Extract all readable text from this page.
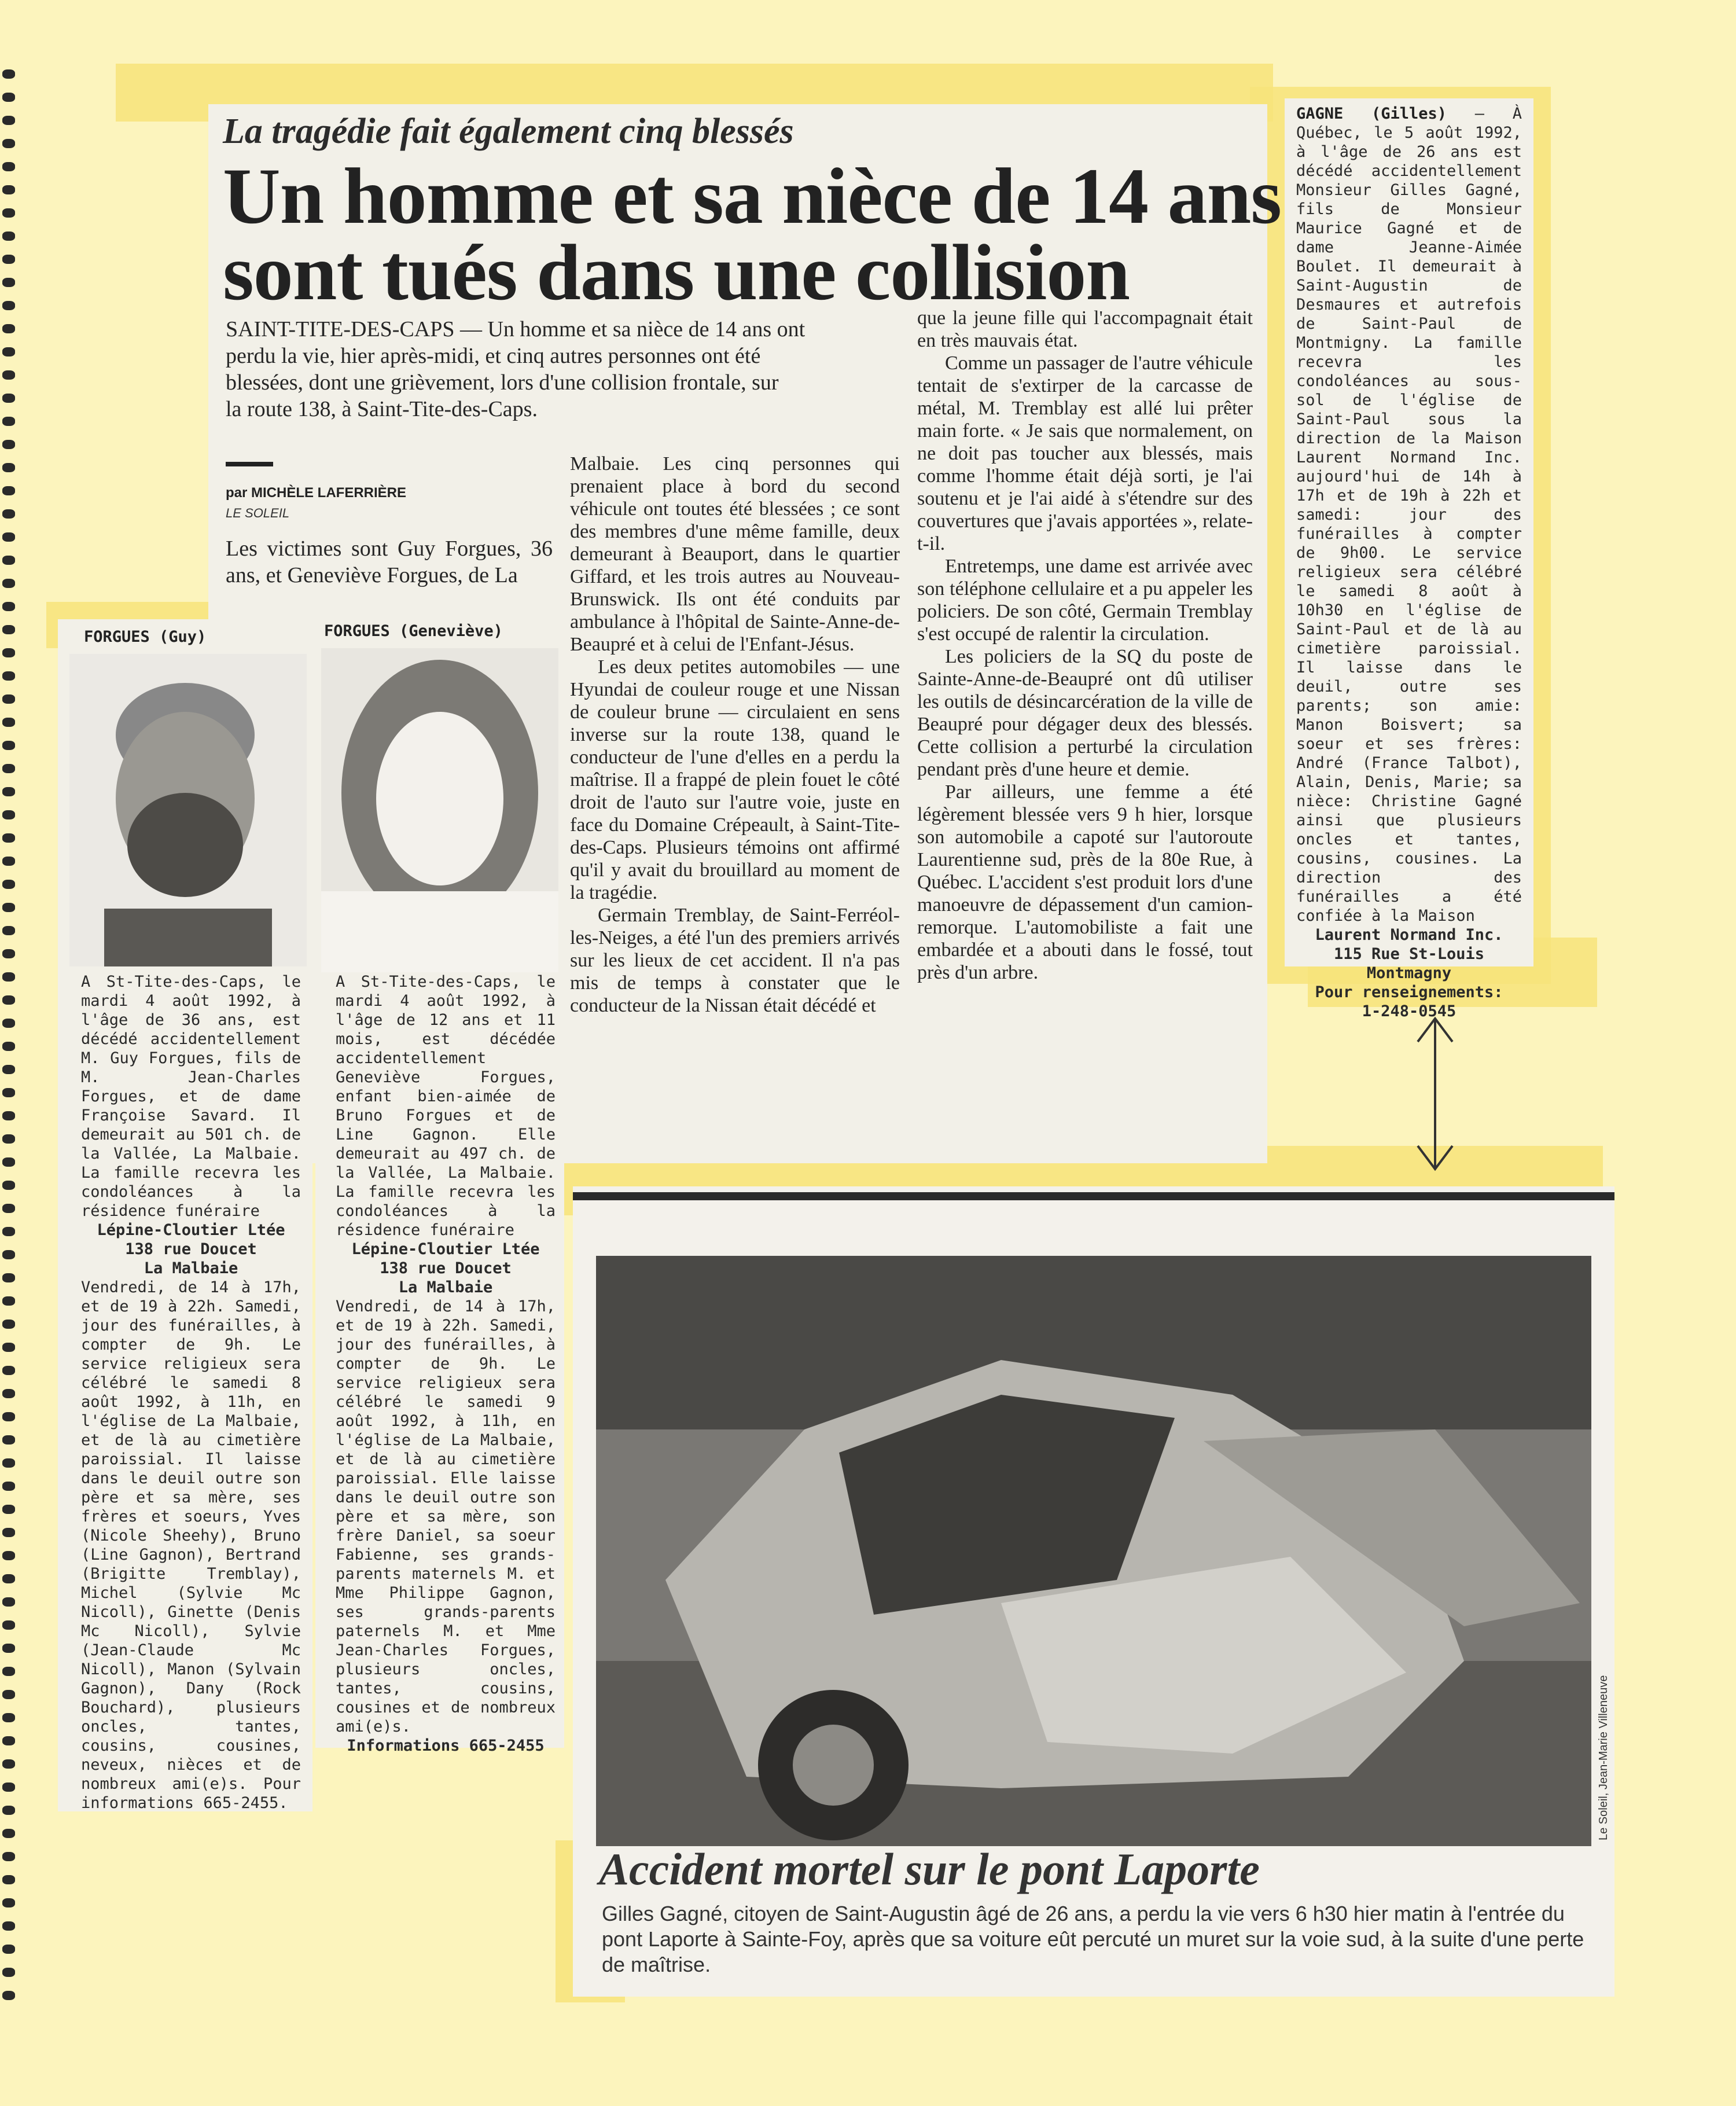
La tragédie fait également cinq blessés
Un homme et sa nièce de 14 ans
sont tués dans une collision
SAINT-TITE-DES-CAPS — Un homme et sa nièce de 14 ans ont
perdu la vie, hier après-midi, et cinq autres personnes ont été
blessées, dont une grièvement, lors d'une collision frontale, sur
la route 138, à Saint-Tite-des-Caps.
par MICHÈLE LAFERRIÈRE
LE SOLEIL

Les victimes sont Guy Forgues, 36 ans, et Geneviève Forgues, de La

Malbaie. Les cinq personnes qui prenaient place à bord du second véhicule ont toutes été blessées ; ce sont des membres d'une même famille, deux demeurant à Beauport, dans le quartier Giffard, et les trois autres au Nouveau-Brunswick. Ils ont été conduits par ambulance à l'hôpital de Sainte-Anne-de-Beaupré et à celui de l'Enfant-Jésus.

Les deux petites automobiles — une Hyundai de couleur rouge et une Nissan de couleur brune — circulaient en sens inverse sur la route 138, quand le conducteur de l'une d'elles en a perdu la maîtrise. Il a frappé de plein fouet le côté droit de l'auto sur l'autre voie, juste en face du Domaine Crépeault, à Saint-Tite-des-Caps. Plusieurs témoins ont affirmé qu'il y avait du brouillard au moment de la tragédie.

Germain Tremblay, de Saint-Ferréol-les-Neiges, a été l'un des premiers arrivés sur les lieux de cet accident. Il n'a pas mis de temps à constater que le conducteur de la Nissan était décédé et

que la jeune fille qui l'accompagnait était en très mauvais état.

Comme un passager de l'autre véhicule tentait de s'extirper de la carcasse de métal, M. Tremblay est allé lui prêter main forte. « Je sais que normalement, on ne doit pas toucher aux blessés, mais comme l'homme était déjà sorti, je l'ai soutenu et je l'ai aidé à s'étendre sur des couvertures que j'avais apportées », relate-t-il.

Entretemps, une dame est arrivée avec son téléphone cellulaire et a pu appeler les policiers. De son côté, Germain Tremblay s'est occupé de ralentir la circulation.

Les policiers de la SQ du poste de Sainte-Anne-de-Beaupré ont dû utiliser les outils de désincarcération de la ville de Beaupré pour dégager deux des blessés. Cette collision a perturbé la circulation pendant près d'une heure et demie.

Par ailleurs, une femme a été légèrement blessée vers 9 h hier, lorsque son automobile a capoté sur l'autoroute Laurentienne sud, près de la 80e Rue, à Québec. L'accident s'est produit lors d'une manoeuvre de dépassement d'un camion-remorque. L'automobiliste a fait une embardée et a abouti dans le fossé, tout près d'un arbre.

FORGUES (Guy)
A St-Tite-des-Caps, le mardi 4 août 1992, à l'âge de 36 ans, est décédé accidentellement M. Guy Forgues, fils de M. Jean-Charles Forgues, et de dame Françoise Savard. Il demeurait au 501 ch. de la Vallée, La Malbaie. La famille recevra les condoléances à la résidence funéraire
Lépine-Cloutier Ltée
138 rue Doucet
La Malbaie
Vendredi, de 14 à 17h, et de 19 à 22h. Samedi, jour des funérailles, à compter de 9h. Le service religieux sera célébré le samedi 8 août 1992, à 11h, en l'église de La Malbaie, et de là au cimetière paroissial. Il laisse dans le deuil outre son père et sa mère, ses frères et soeurs, Yves (Nicole Sheehy), Bruno (Line Gagnon), Bertrand (Brigitte Tremblay), Michel (Sylvie Mc Nicoll), Ginette (Denis Mc Nicoll), Sylvie (Jean-Claude Mc Nicoll), Manon (Sylvain Gagnon), Dany (Rock Bouchard), plusieurs oncles, tantes, cousins, cousines, neveux, nièces et de nombreux ami(e)s. Pour informations 665-2455.
FORGUES (Geneviève)
A St-Tite-des-Caps, le mardi 4 août 1992, à l'âge de 12 ans et 11 mois, est décédée accidentellement Geneviève Forgues, enfant bien-aimée de Bruno Forgues et de Line Gagnon. Elle demeurait au 497 ch. de la Vallée, La Malbaie. La famille recevra les condoléances à la résidence funéraire
Lépine-Cloutier Ltée
138 rue Doucet
La Malbaie
Vendredi, de 14 à 17h, et de 19 à 22h. Samedi, jour des funérailles, à compter de 9h. Le service religieux sera célébré le samedi 9 août 1992, à 11h, en l'église de La Malbaie, et de là au cimetière paroissial. Elle laisse dans le deuil outre son père et sa mère, son frère Daniel, sa soeur Fabienne, ses grands-parents maternels M. et Mme Philippe Gagnon, ses grands-parents paternels M. et Mme Jean-Charles Forgues, plusieurs oncles, tantes, cousins, cousines et de nombreux ami(e)s.
Informations 665-2455
GAGNE (Gilles) — À Québec, le 5 août 1992, à l'âge de 26 ans est décédé accidentellement Monsieur Gilles Gagné, fils de Monsieur Maurice Gagné et de dame Jeanne-Aimée Boulet. Il demeurait à Saint-Augustin de Desmaures et autrefois de Saint-Paul de Montmigny. La famille recevra les condoléances au sous-sol de l'église de Saint-Paul sous la direction de la Maison Laurent Normand Inc. aujourd'hui de 14h à 17h et de 19h à 22h et samedi: jour des funérailles à compter de 9h00. Le service religieux sera célébré le samedi 8 août à 10h30 en l'église de Saint-Paul et de là au cimetière paroissial. Il laisse dans le deuil, outre ses parents; son amie: Manon Boisvert; sa soeur et ses frères: André (France Talbot), Alain, Denis, Marie; sa nièce: Christine Gagné ainsi que plusieurs oncles et tantes, cousins, cousines. La direction des funérailles a été confiée à la Maison
Laurent Normand Inc.
115 Rue St-Louis
Montmagny
Pour renseignements:
1-248-0545
Le Soleil, Jean-Marie Villeneuve
Accident mortel sur le pont Laporte
Gilles Gagné, citoyen de Saint-Augustin âgé de 26 ans, a perdu la vie vers 6 h30 hier matin à l'entrée du pont Laporte à Sainte-Foy, après que sa voiture eût percuté un muret sur la voie sud, à la suite d'une perte de maîtrise.
